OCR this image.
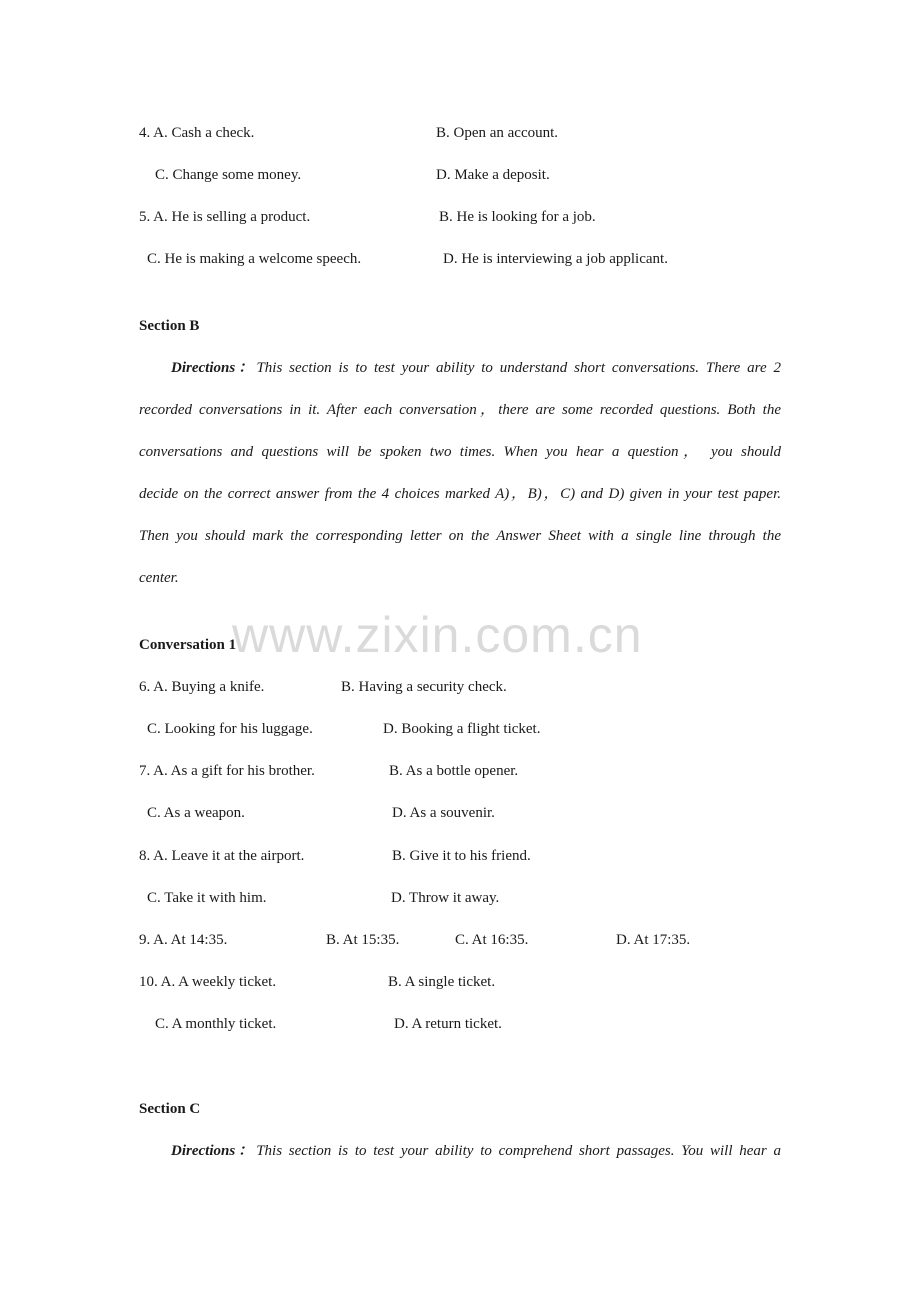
4. A. Cash a check.	B. Open an account.
C. Change some money.	D. Make a deposit.
5. A. He is selling a product.	B. He is looking for a job.
C. He is making a welcome speech.	D. He is interviewing a job applicant.
Section B
Directions：This section is to test your ability to understand short conversations. There are 2
recorded conversations in it. After each conversation，there are some recorded questions. Both the
conversations and questions will be spoken two times. When you hear a question， you should
decide on the correct answer from the 4 choices marked A)，B)，C) and D) given in your test paper.
Then you should mark the corresponding letter on the Answer Sheet with a single line through the
center.
Conversation 1
6. A. Buying a knife.	B. Having a security check.
C. Looking for his luggage.	D. Booking a flight ticket.
7. A. As a gift for his brother.	B. As a bottle opener.
C. As a weapon.	D. As a souvenir.
8. A. Leave it at the airport.	B. Give it to his friend.
C. Take it with him.	D. Throw it away.
9. A. At 14:35.	B. At 15:35.	C. At 16:35.	D. At 17:35.
10. A. A weekly ticket.	B. A single ticket.
C. A monthly ticket.	D. A return ticket.
Section C
Directions：This section is to test your ability to comprehend short passages. You will hear a
www.zixin.com.cn
